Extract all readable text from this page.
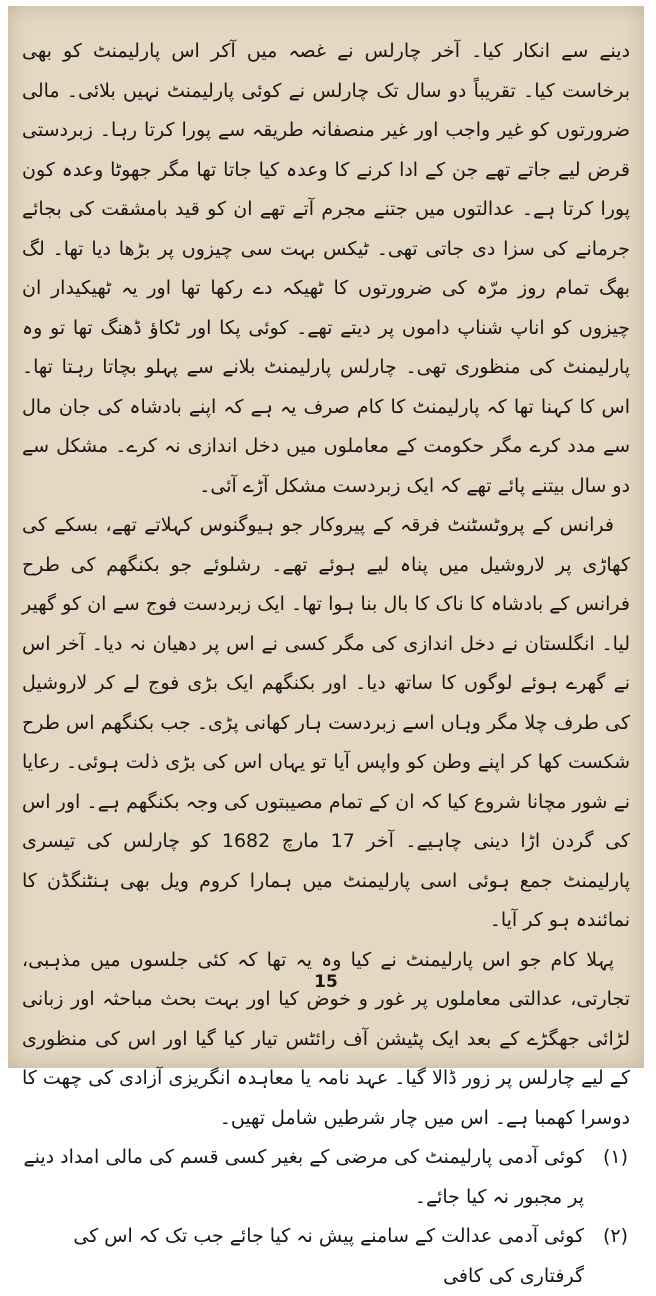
دینے سے انکار کیا۔ آخر چارلس نے غصہ میں آکر اس پارلیمنٹ کو بھی برخاست کیا۔ تقریباً دو سال تک چارلس نے کوئی پارلیمنٹ نہیں بلائی۔ مالی ضرورتوں کو غیر واجب اور غیر منصفانہ طریقہ سے پورا کرتا رہا۔ زبردستی قرض لیے جاتے تھے جن کے ادا کرنے کا وعدہ کیا جاتا تھا مگر جھوٹا وعدہ کون پورا کرتا ہے۔ عدالتوں میں جتنے مجرم آتے تھے ان کو قید بامشقت کی بجائے جرمانے کی سزا دی جاتی تھی۔ ٹیکس بہت سی چیزوں پر بڑھا دیا تھا۔ لگ بھگ تمام روز مرّہ کی ضرورتوں کا ٹھیکہ دے رکھا تھا اور یہ ٹھیکیدار ان چیزوں کو اناپ شناپ داموں پر دیتے تھے۔ کوئی پکا اور ٹکاؤ ڈھنگ تھا تو وہ پارلیمنٹ کی منظوری تھی۔ چارلس پارلیمنٹ بلانے سے پہلو بچاتا رہتا تھا۔ اس کا کہنا تھا کہ پارلیمنٹ کا کام صرف یہ ہے کہ اپنے بادشاہ کی جان مال سے مدد کرے مگر حکومت کے معاملوں میں دخل اندازی نہ کرے۔ مشکل سے دو سال بیتنے پائے تھے کہ ایک زبردست مشکل آڑے آئی۔

فرانس کے پروٹسٹنٹ فرقہ کے پیروکار جو ہیوگنوس کہلاتے تھے، بسکے کی کھاڑی پر لاروشیل میں پناہ لیے ہوئے تھے۔ رشلوئے جو بکنگھم کی طرح فرانس کے بادشاہ کا ناک کا بال بنا ہوا تھا۔ ایک زبردست فوج سے ان کو گھیر لیا۔ انگلستان نے دخل اندازی کی مگر کسی نے اس پر دھیان نہ دیا۔ آخر اس نے گھرے ہوئے لوگوں کا ساتھ دیا۔ اور بکنگھم ایک بڑی فوج لے کر لاروشیل کی طرف چلا مگر وہاں اسے زبردست ہار کھانی پڑی۔ جب بکنگھم اس طرح شکست کھا کر اپنے وطن کو واپس آیا تو یہاں اس کی بڑی ذلت ہوئی۔ رعایا نے شور مچانا شروع کیا کہ ان کے تمام مصیبتوں کی وجہ بکنگھم ہے۔ اور اس کی گردن اڑا دینی چاہیے۔ آخر 17 مارچ 1682 کو چارلس کی تیسری پارلیمنٹ جمع ہوئی اسی پارلیمنٹ میں ہمارا کروم ویل بھی ہنٹنگڈن کا نمائندہ ہو کر آیا۔

پہلا کام جو اس پارلیمنٹ نے کیا وہ یہ تھا کہ کئی جلسوں میں مذہبی، تجارتی، عدالتی معاملوں پر غور و خوض کیا اور بہت بحث مباحثہ اور زبانی لڑائی جھگڑے کے بعد ایک پٹیشن آف رائٹس تیار کیا گیا اور اس کی منظوری کے لیے چارلس پر زور ڈالا گیا۔ عہد نامہ یا معاہدہ انگریزی آزادی کی چھت کا دوسرا کھمبا ہے۔ اس میں چار شرطیں شامل تھیں۔

(۱)
کوئی آدمی پارلیمنٹ کی مرضی کے بغیر کسی قسم کی مالی امداد دینے پر مجبور نہ کیا جائے۔
(۲)
کوئی آدمی عدالت کے سامنے پیش نہ کیا جائے جب تک کہ اس کی گرفتاری کی کافی
15
